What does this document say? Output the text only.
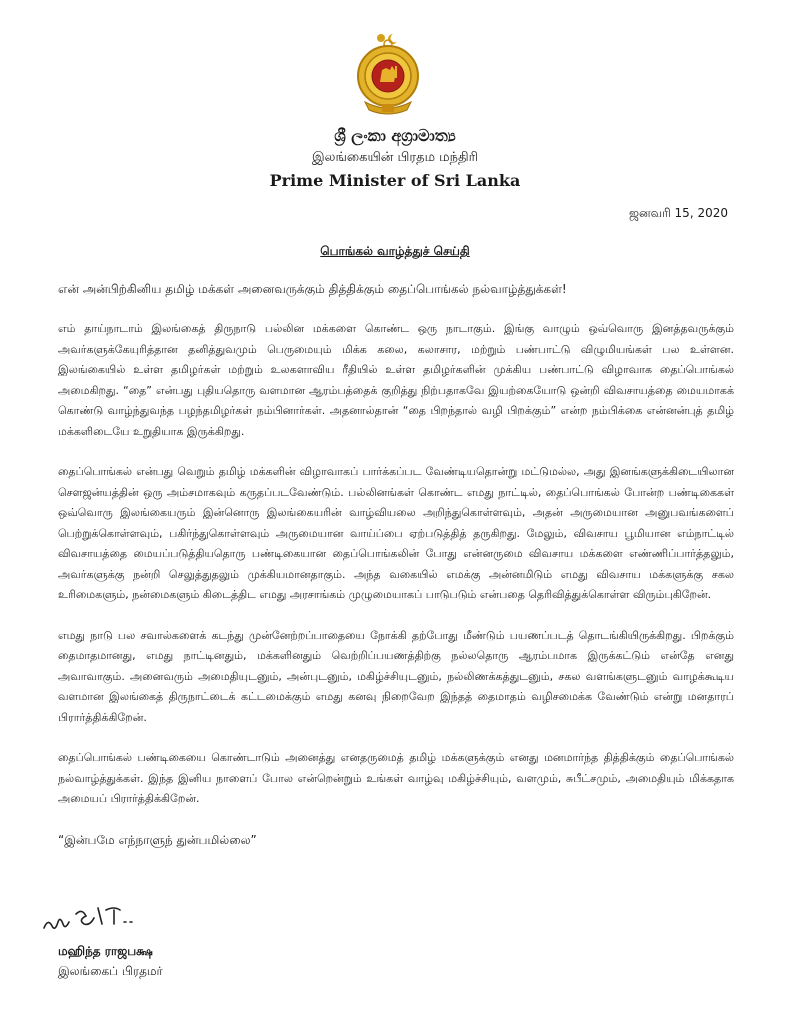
ශ්‍රී ලංකා අග්‍රාමාත්‍ය
இலங்கையின் பிரதம மந்திரி
Prime Minister of Sri Lanka
ஜனவரி 15, 2020
பொங்கல் வாழ்த்துச் செய்தி

என் அன்பிற்கினிய தமிழ் மக்கள் அனைவருக்கும் தித்திக்கும் தைப்பொங்கல் நல்வாழ்த்துக்கள்!

எம் தாய்நாடாம் இலங்கைத் திருநாடு பல்லின மக்களை கொண்ட ஒரு நாடாகும். இங்கு வாழும் ஒவ்வொரு இனத்தவருக்கும் அவர்களுக்கேயுரித்தான தனித்துவமும் பெருமையும் மிக்க கலை, கலாசார, மற்றும் பண்பாட்டு விழுமியங்கள் பல உள்ளன. இலங்கையில் உள்ள தமிழர்கள் மற்றும் உலகளாவிய ரீதியில் உள்ள தமிழர்களின் முக்கிய பண்பாட்டு விழாவாக தைப்பொங்கல் அமைகிறது. “தை” என்பது புதியதொரு வளமான ஆரம்பத்தைக் குறித்து நிற்பதாகவே இயற்கையோடு ஒன்றி விவசாயத்தை மையமாகக் கொண்டு வாழ்ந்துவந்த பழந்தமிழர்கள் நம்பினார்கள். அதனால்தான் “தை பிறந்தால் வழி பிறக்கும்” என்ற நம்பிக்கை என்னன்புத் தமிழ் மக்களிடையே உறுதியாக இருக்கிறது.

தைப்பொங்கல் என்பது வெறும் தமிழ் மக்களின் விழாவாகப் பார்க்கப்பட வேண்டியதொன்று மட்டுமல்ல, அது இனங்களுக்கிடையிலான சௌஜன்யத்தின் ஒரு அம்சமாகவும் கருதப்படவேண்டும். பல்லினங்கள் கொண்ட எமது நாட்டில், தைப்பொங்கல் போன்ற பண்டிகைகள் ஒவ்வொரு இலங்கையரும் இன்னொரு இலங்கையரின் வாழ்வியலை அறிந்துகொள்ளவும், அதன் அருமையான அனுபவங்களைப் பெற்றுக்கொள்ளவும், பகிர்ந்துகொள்ளவும் அருமையான வாய்ப்பை ஏற்படுத்தித் தருகிறது. மேலும், விவசாய பூமியான எம்நாட்டில் விவசாயத்தை மையப்படுத்தியதொரு பண்டிகையான தைப்பொங்கலின் போது என்னருமை விவசாய மக்களை எண்ணிப்பார்த்தலும், அவர்களுக்கு நன்றி செலுத்துதலும் முக்கியமானதாகும். அந்த வகையில் எமக்கு அன்னமிடும் எமது விவசாய மக்களுக்கு சகல உரிமைகளும், நன்மைகளும் கிடைத்திட எமது அரசாங்கம் முழுமையாகப் பாடுபடும் என்பதை தெரிவித்துக்கொள்ள விரும்புகிறேன்.

எமது நாடு பல சவால்களைக் கடந்து முன்னேற்றப்பாதையை நோக்கி தற்போது மீண்டும் பயணப்படத் தொடங்கியிருக்கிறது. பிறக்கும் தைமாதமானது, எமது நாட்டினதும், மக்களினதும் வெற்றிப்பயணத்திற்கு நல்லதொரு ஆரம்பமாக இருக்கட்டும் என்தே எனது அவாவாகும். அனைவரும் அமைதியுடனும், அன்புடனும், மகிழ்ச்சியுடனும், நல்லிணக்கத்துடனும், சகல வளங்களுடனும் வாழக்கூடிய வளமான இலங்கைத் திருநாட்டைக் கட்டமைக்கும் எமது கனவு நிறைவேற இந்தத் தைமாதம் வழிசமைக்க வேண்டும் என்று மனதாரப் பிரார்த்திக்கிறேன்.

தைப்பொங்கல் பண்டிகையை கொண்டாடும் அனைத்து எனதருமைத் தமிழ் மக்களுக்கும் எனது மனமார்ந்த தித்திக்கும் தைப்பொங்கல் நல்வாழ்த்துக்கள். இந்த இனிய நாளைப் போல என்றென்றும் உங்கள் வாழ்வு மகிழ்ச்சியும், வளமும், சுபீட்சமும், அமைதியும் மிக்கதாக அமையப் பிரார்த்திக்கிறேன்.

“இன்பமே எந்நாளுந் துன்பமில்லை”

மஹிந்த ராஜபக்ஷ
இலங்கைப் பிரதமர்
